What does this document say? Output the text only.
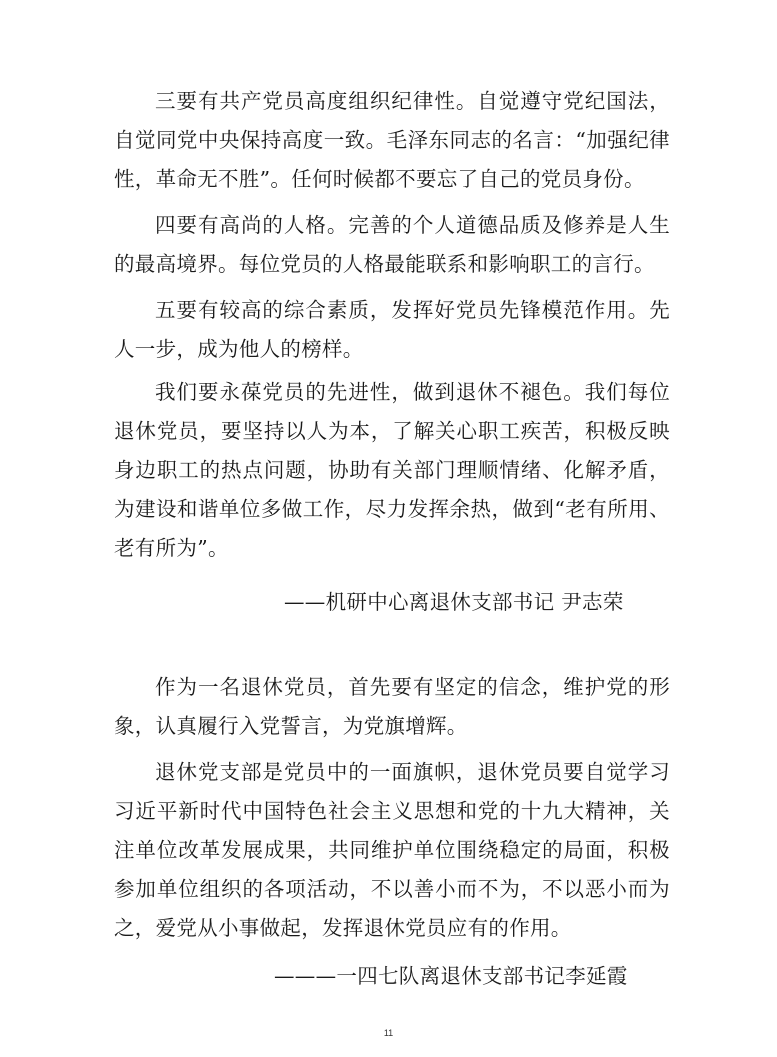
三要有共产党员高度组织纪律性。自觉遵守党纪国法，自觉同党中央保持高度一致。毛泽东同志的名言：“加强纪律性，革命无不胜”。任何时候都不要忘了自己的党员身份。

四要有高尚的人格。完善的个人道德品质及修养是人生的最高境界。每位党员的人格最能联系和影响职工的言行。

五要有较高的综合素质，发挥好党员先锋模范作用。先人一步，成为他人的榜样。

我们要永葆党员的先进性，做到退休不褪色。我们每位退休党员，要坚持以人为本，了解关心职工疾苦，积极反映身边职工的热点问题，协助有关部门理顺情绪、化解矛盾，为建设和谐单位多做工作，尽力发挥余热，做到“老有所用、老有所为”。

——机研中心离退休支部书记 尹志荣

作为一名退休党员，首先要有坚定的信念，维护党的形象，认真履行入党誓言，为党旗增辉。

退休党支部是党员中的一面旗帜，退休党员要自觉学习习近平新时代中国特色社会主义思想和党的十九大精神，关注单位改革发展成果，共同维护单位围绕稳定的局面，积极参加单位组织的各项活动，不以善小而不为，不以恶小而为之，爱党从小事做起，发挥退休党员应有的作用。

———一四七队离退休支部书记李延霞

11
